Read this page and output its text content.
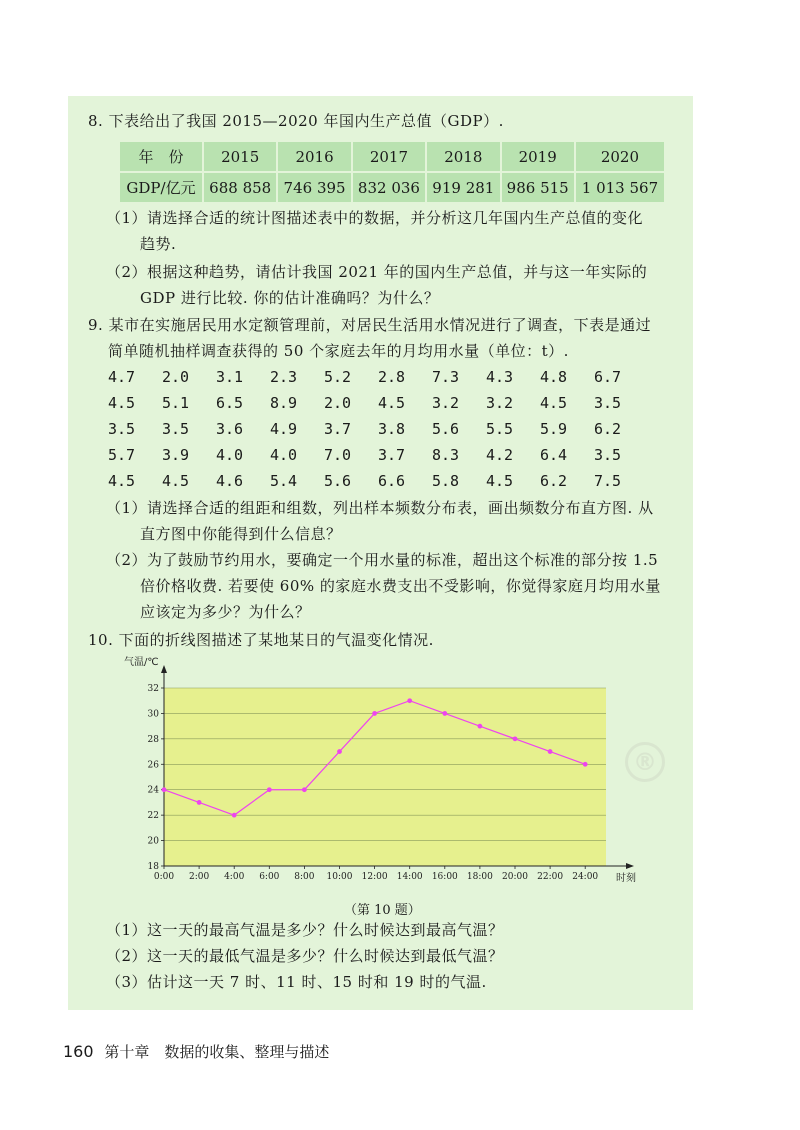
8. 下表给出了我国 2015—2020 年国内生产总值（GDP）.
年　份	2015	2016	2017	2018	2019	2020
GDP/亿元	688 858	746 395	832 036	919 281	986 515	1 013 567
（1）请选择合适的统计图描述表中的数据，并分析这几年国内生产总值的变化
趋势.
（2）根据这种趋势，请估计我国 2021 年的国内生产总值，并与这一年实际的
GDP 进行比较. 你的估计准确吗？为什么？
9. 某市在实施居民用水定额管理前，对居民生活用水情况进行了调查，下表是通过
简单随机抽样调查获得的 50 个家庭去年的月均用水量（单位：t）.
4.7 2.0 3.1 2.3 5.2 2.8 7.3 4.3 4.8 6.7
4.5 5.1 6.5 8.9 2.0 4.5 3.2 3.2 4.5 3.5
3.5 3.5 3.6 4.9 3.7 3.8 5.6 5.5 5.9 6.2
5.7 3.9 4.0 4.0 7.0 3.7 8.3 4.2 6.4 3.5
4.5 4.5 4.6 5.4 5.6 6.6 5.8 4.5 6.2 7.5
（1）请选择合适的组距和组数，列出样本频数分布表，画出频数分布直方图. 从
直方图中你能得到什么信息？
（2）为了鼓励节约用水，要确定一个用水量的标准，超出这个标准的部分按 1.5
倍价格收费. 若要使 60% 的家庭水费支出不受影响，你觉得家庭月均用水量
应该定为多少？为什么？
10. 下面的折线图描述了某地某日的气温变化情况.
18
20
22
24
26
28
30
32
0:00 2:00 4:00 6:00 8:00 10:00 12:00 14:00 16:00 18:00 20:00 22:00 24:00
气温/℃
时刻
®
（第 10 题）
（1）这一天的最高气温是多少？什么时候达到最高气温？
（2）这一天的最低气温是多少？什么时候达到最低气温？
（3）估计这一天 7 时、11 时、15 时和 19 时的气温.
160 第十章　数据的收集、整理与描述
